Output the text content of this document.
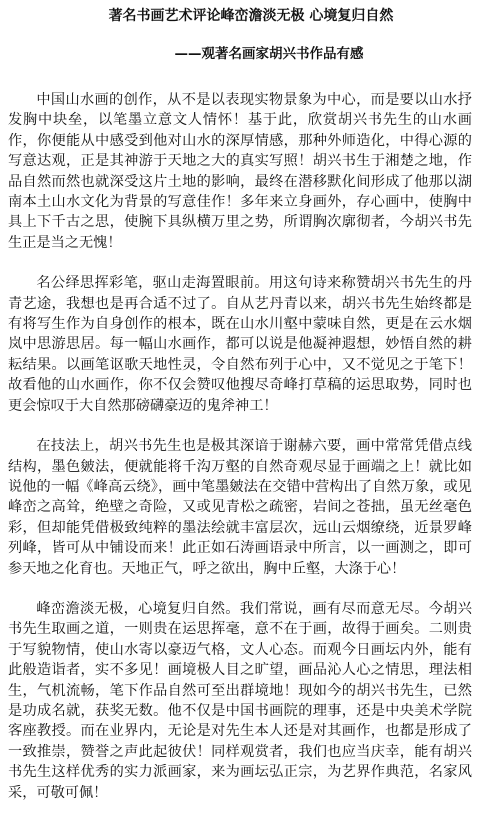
著名书画艺术评论峰峦澹淡无极 心境复归自然
——观著名画家胡兴书作品有感

中国山水画的创作，从不是以表现实物景象为中心，而是要以山水抒发胸中块垒，以笔墨立意文人情怀！基于此，欣赏胡兴书先生的山水画作，你便能从中感受到他对山水的深厚情感，那种外师造化，中得心源的写意达观，正是其神游于天地之大的真实写照！胡兴书生于湘楚之地，作品自然而然也就深受这片土地的影响，最终在潜移默化间形成了他那以湖南本土山水文化为背景的写意佳作！多年来立身画外，存心画中，使胸中具上下千古之思，使腕下具纵横万里之势，所谓胸次廓彻者，今胡兴书先生正是当之无愧！

名公绎思挥彩笔，驱山走海置眼前。用这句诗来称赞胡兴书先生的丹青艺途，我想也是再合适不过了。自从艺丹青以来，胡兴书先生始终都是有将写生作为自身创作的根本，既在山水川壑中蒙味自然，更是在云水烟岚中思游思居。每一幅山水画作，都可以说是他凝神遐想，妙悟自然的耕耘结果。以画笔讴歌天地性灵，令自然布列于心中，又不觉见之于笔下！故看他的山水画作，你不仅会赞叹他搜尽奇峰打草稿的运思取势，同时也更会惊叹于大自然那磅礴豪迈的鬼斧神工！

在技法上，胡兴书先生也是极其深谙于谢赫六要，画中常常凭借点线结构，墨色皴法，便就能将千沟万壑的自然奇观尽显于画端之上！就比如说他的一幅《峰高云绕》，画中笔墨皴法在交错中营构出了自然万象，或见峰峦之高耸，绝壁之奇险，又或见青松之疏密，岩间之苍拙，虽无丝毫色彩，但却能凭借极致纯粹的墨法绘就丰富层次，远山云烟缭绕，近景罗峰列峰，皆可从中铺设而来！此正如石涛画语录中所言，以一画测之，即可参天地之化育也。天地正气，呼之欲出，胸中丘壑，大涤于心！

峰峦澹淡无极，心境复归自然。我们常说，画有尽而意无尽。今胡兴书先生取画之道，一则贵在运思挥毫，意不在于画，故得于画矣。二则贵于写貌物情，使山水寄以豪迈气格，文人心态。而观今日画坛内外，能有此般造诣者，实不多见！画境极人目之旷望，画品沁人心之情思，理法相生，气机流畅，笔下作品自然可至出群境地！现如今的胡兴书先生，已然是功成名就，获奖无数。他不仅是中国书画院的理事，还是中央美术学院客座教授。而在业界内，无论是对先生本人还是对其画作，也都是形成了一致推崇，赞誉之声此起彼伏！同样观赏者，我们也应当庆幸，能有胡兴书先生这样优秀的实力派画家，来为画坛弘正宗，为艺界作典范，名家风采，可敬可佩！
